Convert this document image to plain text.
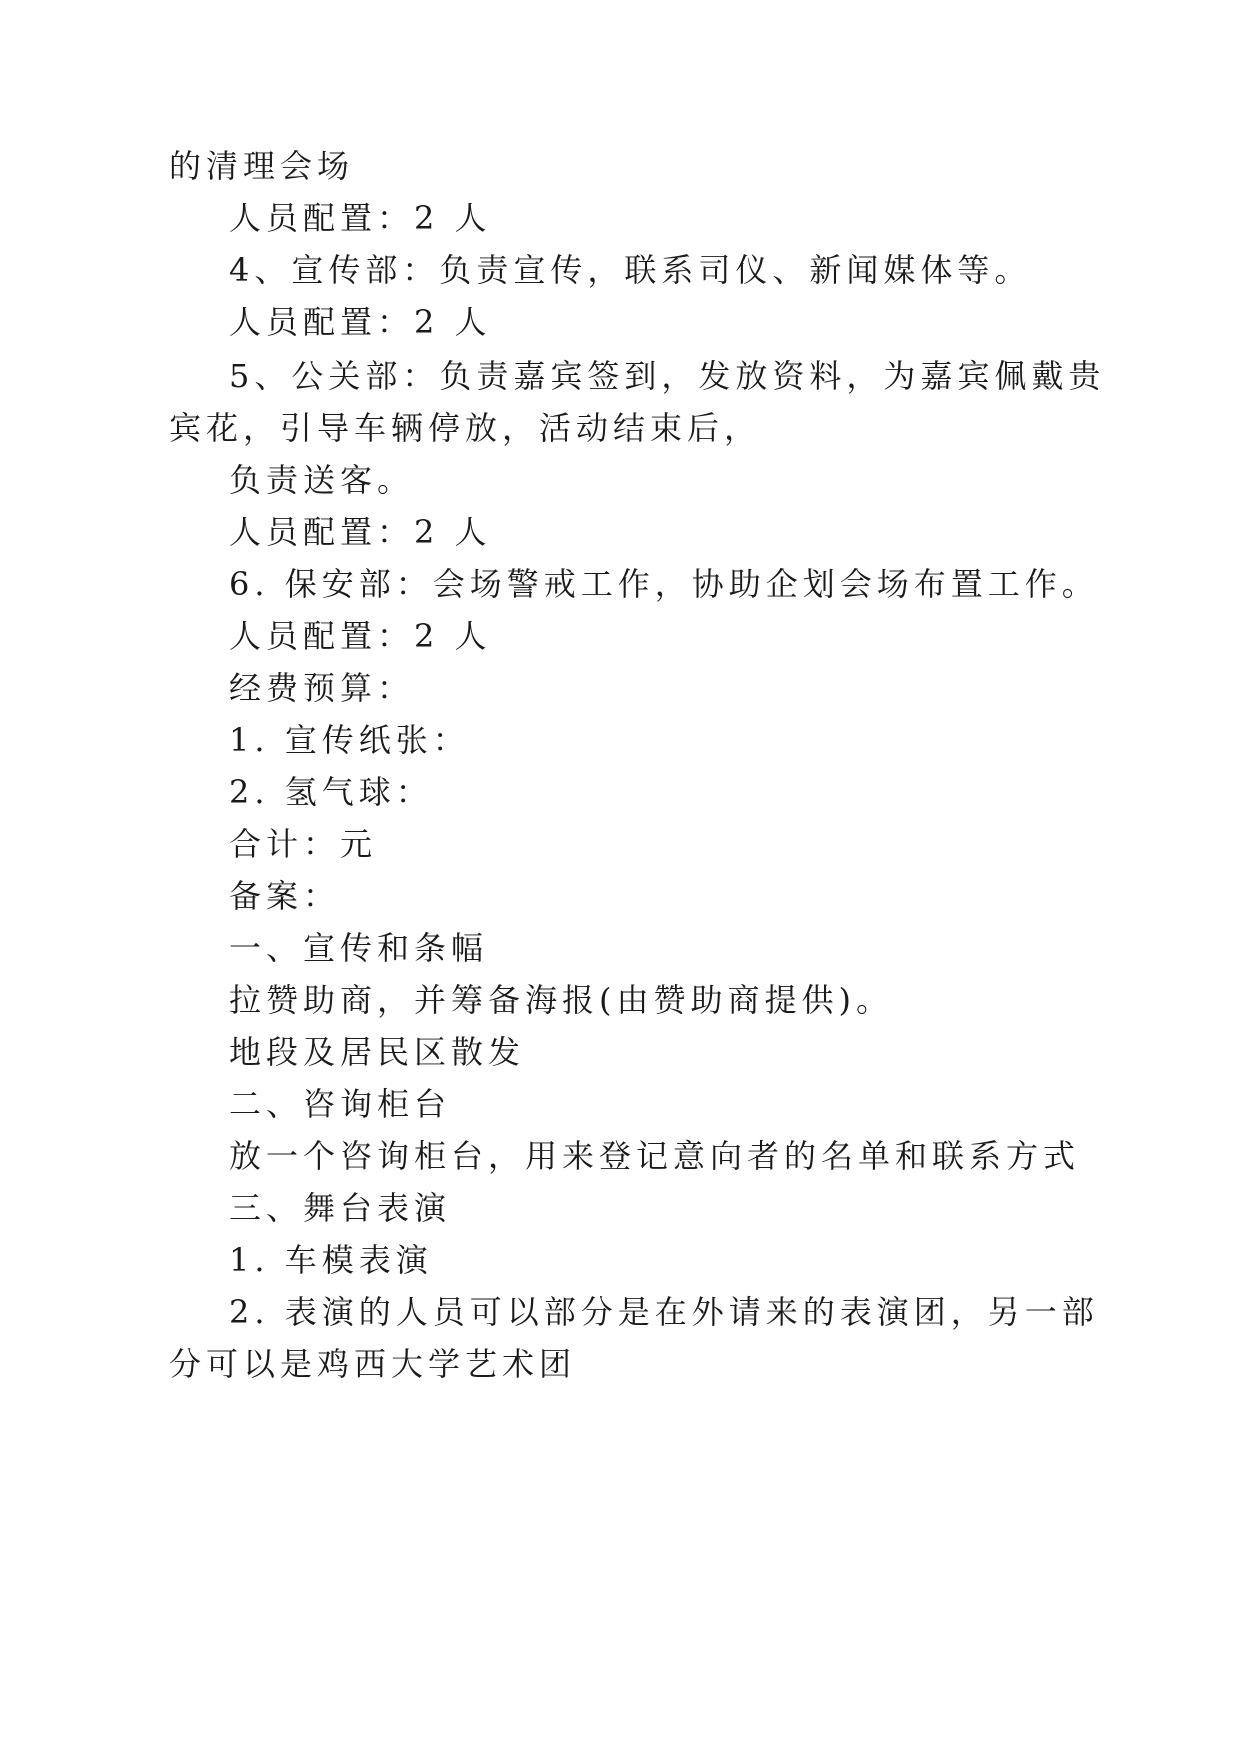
的清理会场
人员配置：2 人
4、宣传部：负责宣传，联系司仪、新闻媒体等。
人员配置：2 人
5、公关部：负责嘉宾签到，发放资料，为嘉宾佩戴贵
宾花，引导车辆停放，活动结束后，
负责送客。
人员配置：2 人
6. 保安部：会场警戒工作，协助企划会场布置工作。
人员配置：2 人
经费预算：
1. 宣传纸张：
2. 氢气球：
合计：元
备案：
一、宣传和条幅
拉赞助商，并筹备海报(由赞助商提供)。
地段及居民区散发
二、咨询柜台
放一个咨询柜台，用来登记意向者的名单和联系方式
三、舞台表演
1. 车模表演
2. 表演的人员可以部分是在外请来的表演团，另一部
分可以是鸡西大学艺术团
